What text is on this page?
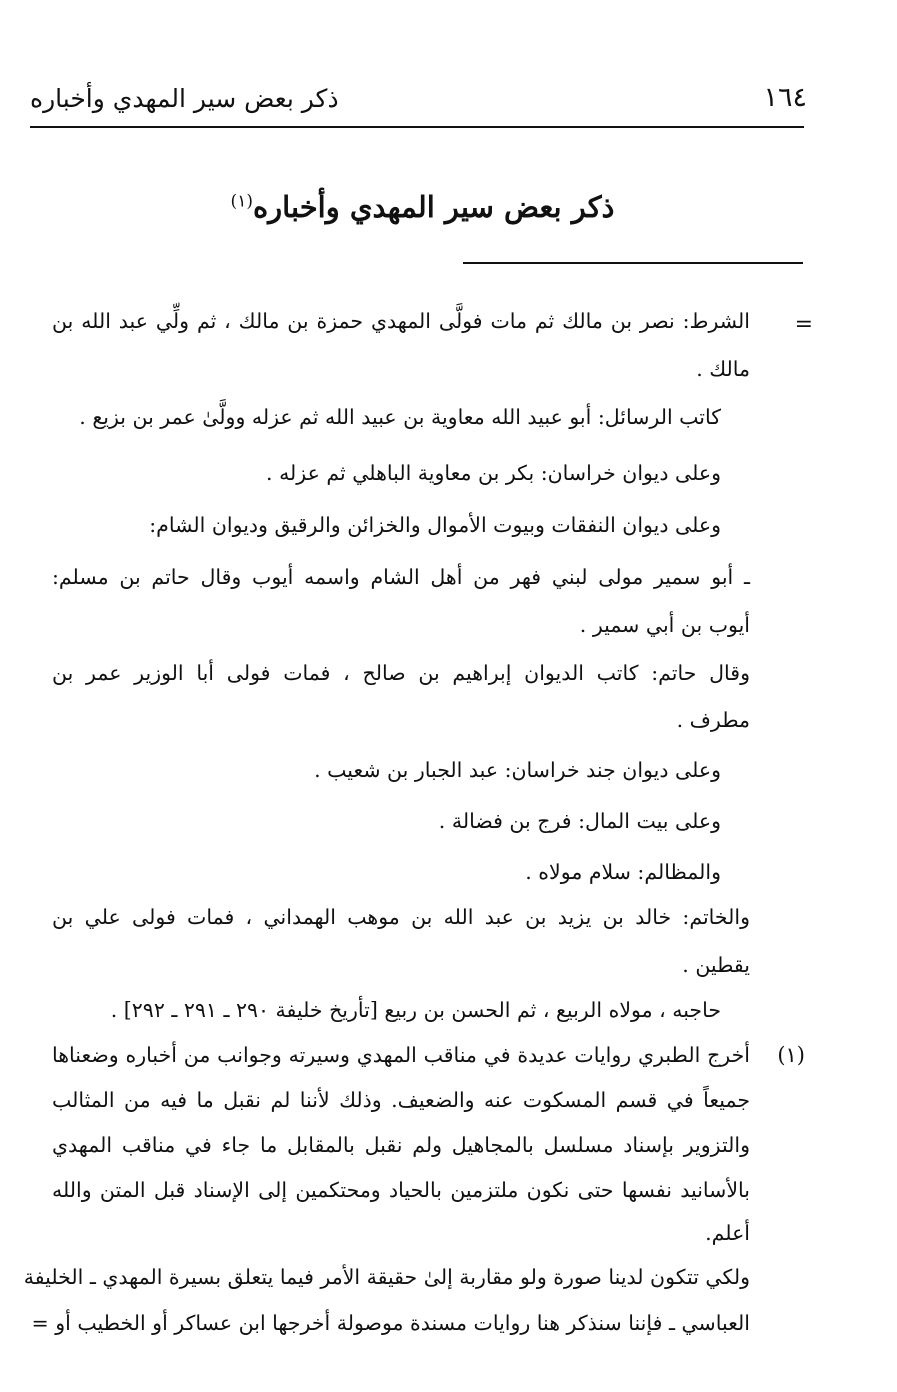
١٦٤
ذكر بعض سير المهدي وأخباره
ذكر بعض سير المهدي وأخباره$^{(١)}$
=
الشرط: نصر بن مالك ثم مات فولَّى المهدي حمزة بن مالك ، ثم ولِّي عبد الله بن
مالك .
كاتب الرسائل: أبو عبيد الله معاوية بن عبيد الله ثم عزله وولَّىٰ عمر بن بزيع .
وعلى ديوان خراسان: بكر بن معاوية الباهلي ثم عزله .
وعلى ديوان النفقات وبيوت الأموال والخزائن والرقيق وديوان الشام:
ـ أبو سمير مولى لبني فهر من أهل الشام واسمه أيوب وقال حاتم بن مسلم:
أيوب بن أبي سمير .
وقال حاتم: كاتب الديوان إبراهيم بن صالح ، فمات فولى أبا الوزير عمر بن
مطرف .
وعلى ديوان جند خراسان: عبد الجبار بن شعيب .
وعلى بيت المال: فرج بن فضالة .
والمظالم: سلام مولاه .
والخاتم: خالد بن يزيد بن عبد الله بن موهب الهمداني ، فمات فولى علي بن
يقطين .
حاجبه ، مولاه الربيع ، ثم الحسن بن ربيع [تأريخ خليفة ٢٩٠ ـ ٢٩١ ـ ٢٩٢] .
(١)
أخرج الطبري روايات عديدة في مناقب المهدي وسيرته وجوانب من أخباره وضعناها
جميعاً في قسم المسكوت عنه والضعيف. وذلك لأننا لم نقبل ما فيه من المثالب
والتزوير بإسناد مسلسل بالمجاهيل ولم نقبل بالمقابل ما جاء في مناقب المهدي
بالأسانيد نفسها حتى نكون ملتزمين بالحياد ومحتكمين إلى الإسناد قبل المتن والله
أعلم.
ولكي تتكون لدينا صورة ولو مقاربة إلىٰ حقيقة الأمر فيما يتعلق بسيرة المهدي ـ الخليفة
العباسي ـ فإننا سنذكر هنا روايات مسندة موصولة أخرجها ابن عساكر أو الخطيب أو =
